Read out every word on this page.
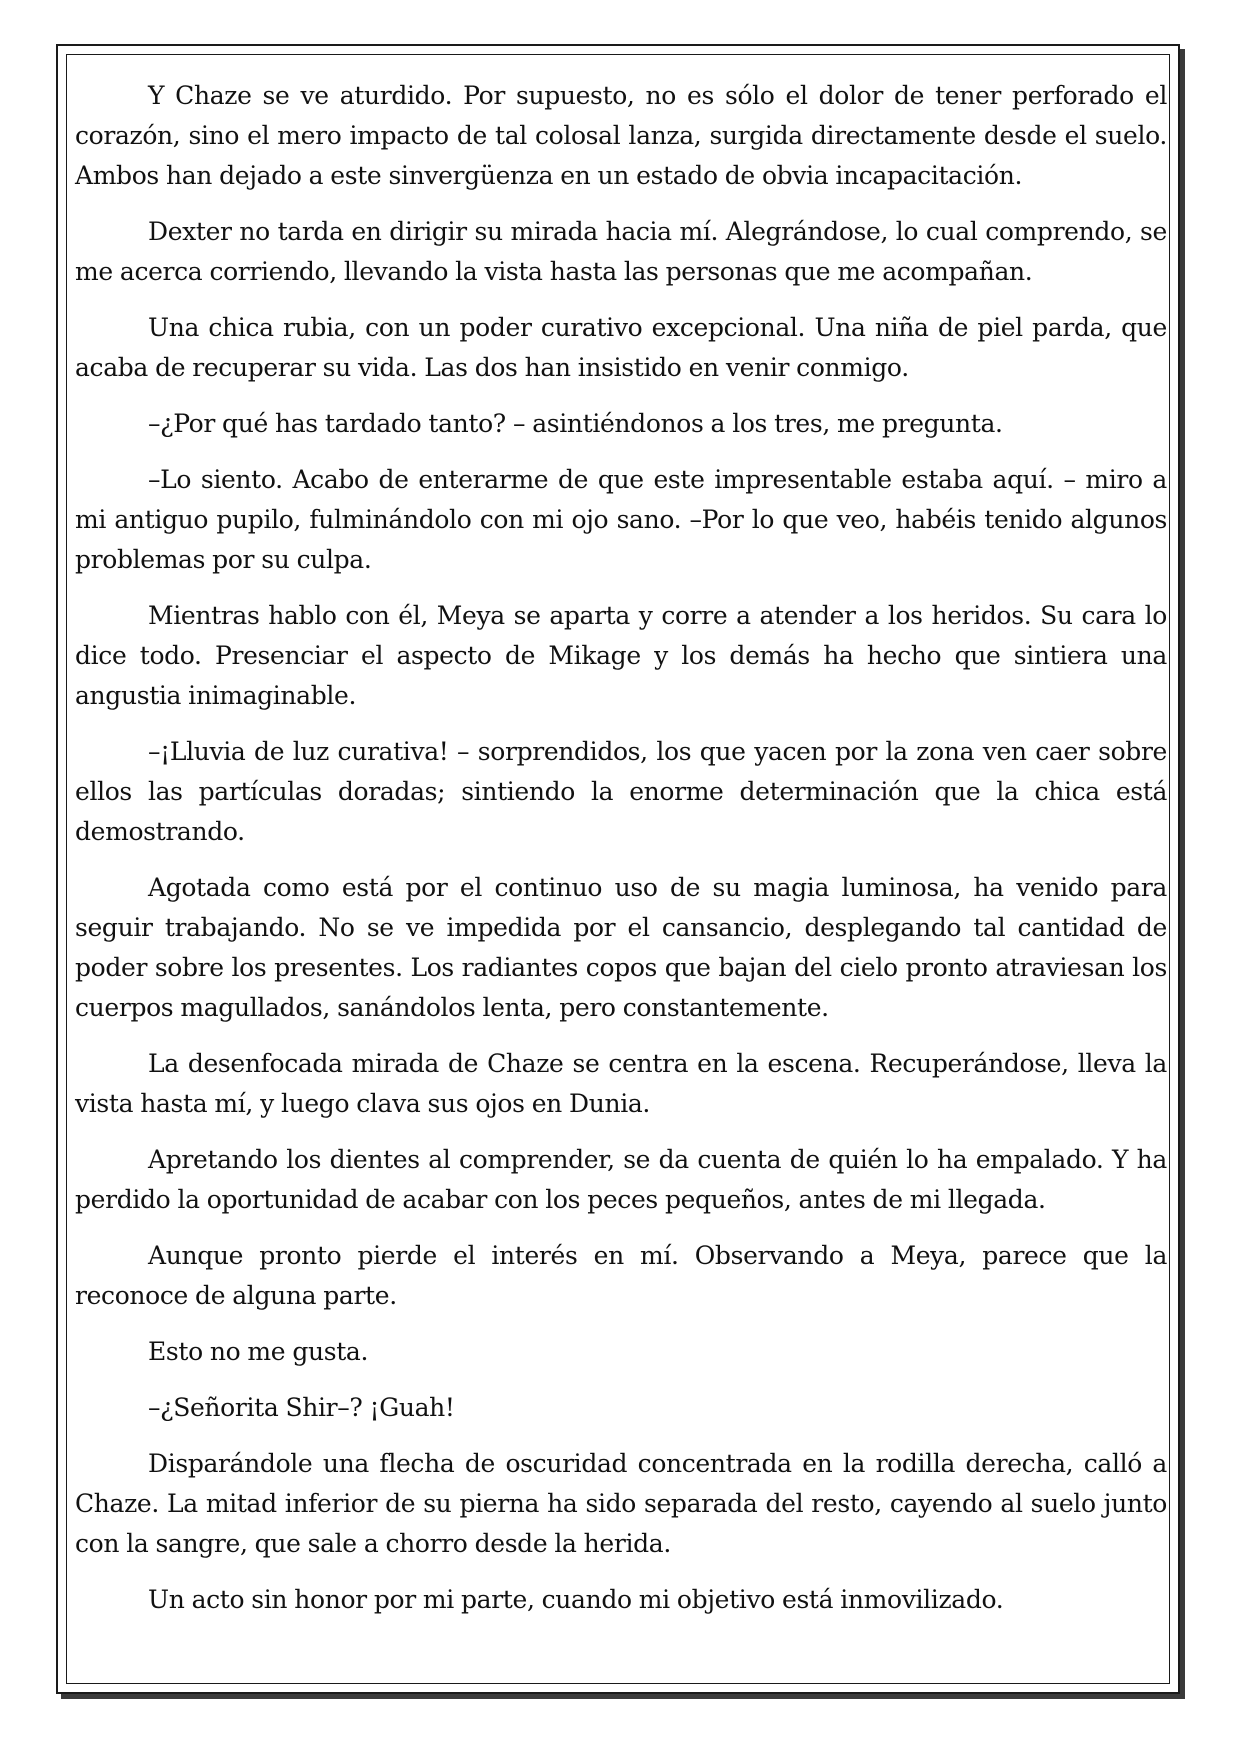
Y Chaze se ve aturdido. Por supuesto, no es sólo el dolor de tener perforado el corazón, sino el mero impacto de tal colosal lanza, surgida directamente desde el suelo. Ambos han dejado a este sinvergüenza en un estado de obvia incapacitación.

Dexter no tarda en dirigir su mirada hacia mí. Alegrándose, lo cual comprendo, se me acerca corriendo, llevando la vista hasta las personas que me acompañan.

Una chica rubia, con un poder curativo excepcional. Una niña de piel parda, que acaba de recuperar su vida. Las dos han insistido en venir conmigo.

–¿Por qué has tardado tanto? – asintiéndonos a los tres, me pregunta.

–Lo siento. Acabo de enterarme de que este impresentable estaba aquí. – miro a mi antiguo pupilo, fulminándolo con mi ojo sano. –Por lo que veo, habéis tenido algunos problemas por su culpa.

Mientras hablo con él, Meya se aparta y corre a atender a los heridos. Su cara lo dice todo. Presenciar el aspecto de Mikage y los demás ha hecho que sintiera una angustia inimaginable.

–¡Lluvia de luz curativa! – sorprendidos, los que yacen por la zona ven caer sobre ellos las partículas doradas; sintiendo la enorme determinación que la chica está demostrando.

Agotada como está por el continuo uso de su magia luminosa, ha venido para seguir trabajando. No se ve impedida por el cansancio, desplegando tal cantidad de poder sobre los presentes. Los radiantes copos que bajan del cielo pronto atraviesan los cuerpos magullados, sanándolos lenta, pero constantemente.

La desenfocada mirada de Chaze se centra en la escena. Recuperándose, lleva la vista hasta mí, y luego clava sus ojos en Dunia.

Apretando los dientes al comprender, se da cuenta de quién lo ha empalado. Y ha perdido la oportunidad de acabar con los peces pequeños, antes de mi llegada.

Aunque pronto pierde el interés en mí. Observando a Meya, parece que la reconoce de alguna parte.

Esto no me gusta.

–¿Señorita Shir–? ¡Guah!

Disparándole una flecha de oscuridad concentrada en la rodilla derecha, calló a Chaze. La mitad inferior de su pierna ha sido separada del resto, cayendo al suelo junto con la sangre, que sale a chorro desde la herida.

Un acto sin honor por mi parte, cuando mi objetivo está inmovilizado.
